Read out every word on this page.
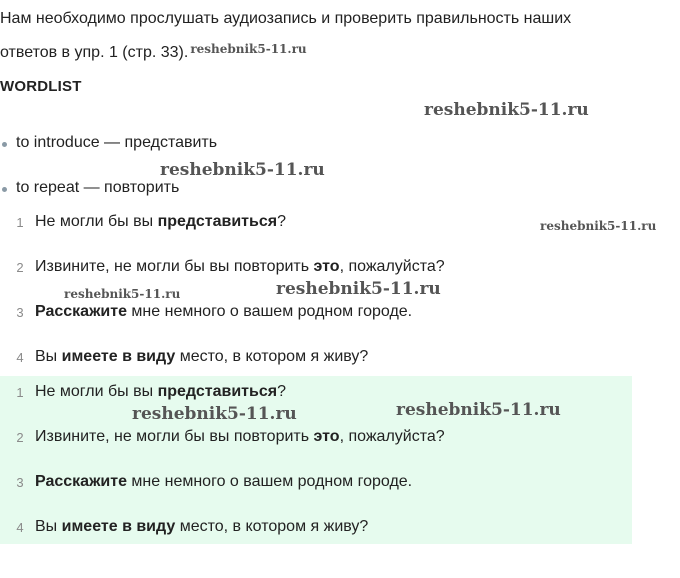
Нам необходимо прослушать аудиозапись и проверить правильность наших
ответов в упр. 1 (стр. 33). $^{reshebnik5-11.ru}$
WORDLIST
reshebnik5-11.ru
to introduce — представить
reshebnik5-11.ru
to repeat — повторить
1 Не могли бы вы представиться?	reshebnik5-11.ru
2 Извините, не могли бы вы повторить это, пожалуйста?
reshebnik5-11.ru	reshebnik5-11.ru
3 Расскажите мне немного о вашем родном городе.
4 Вы имеете в виду место, в котором я живу?
1 Не могли бы вы представиться?
reshebnik5-11.ru	reshebnik5-11.ru
2 Извините, не могли бы вы повторить это, пожалуйста?
3 Расскажите мне немного о вашем родном городе.
4 Вы имеете в виду место, в котором я живу?
